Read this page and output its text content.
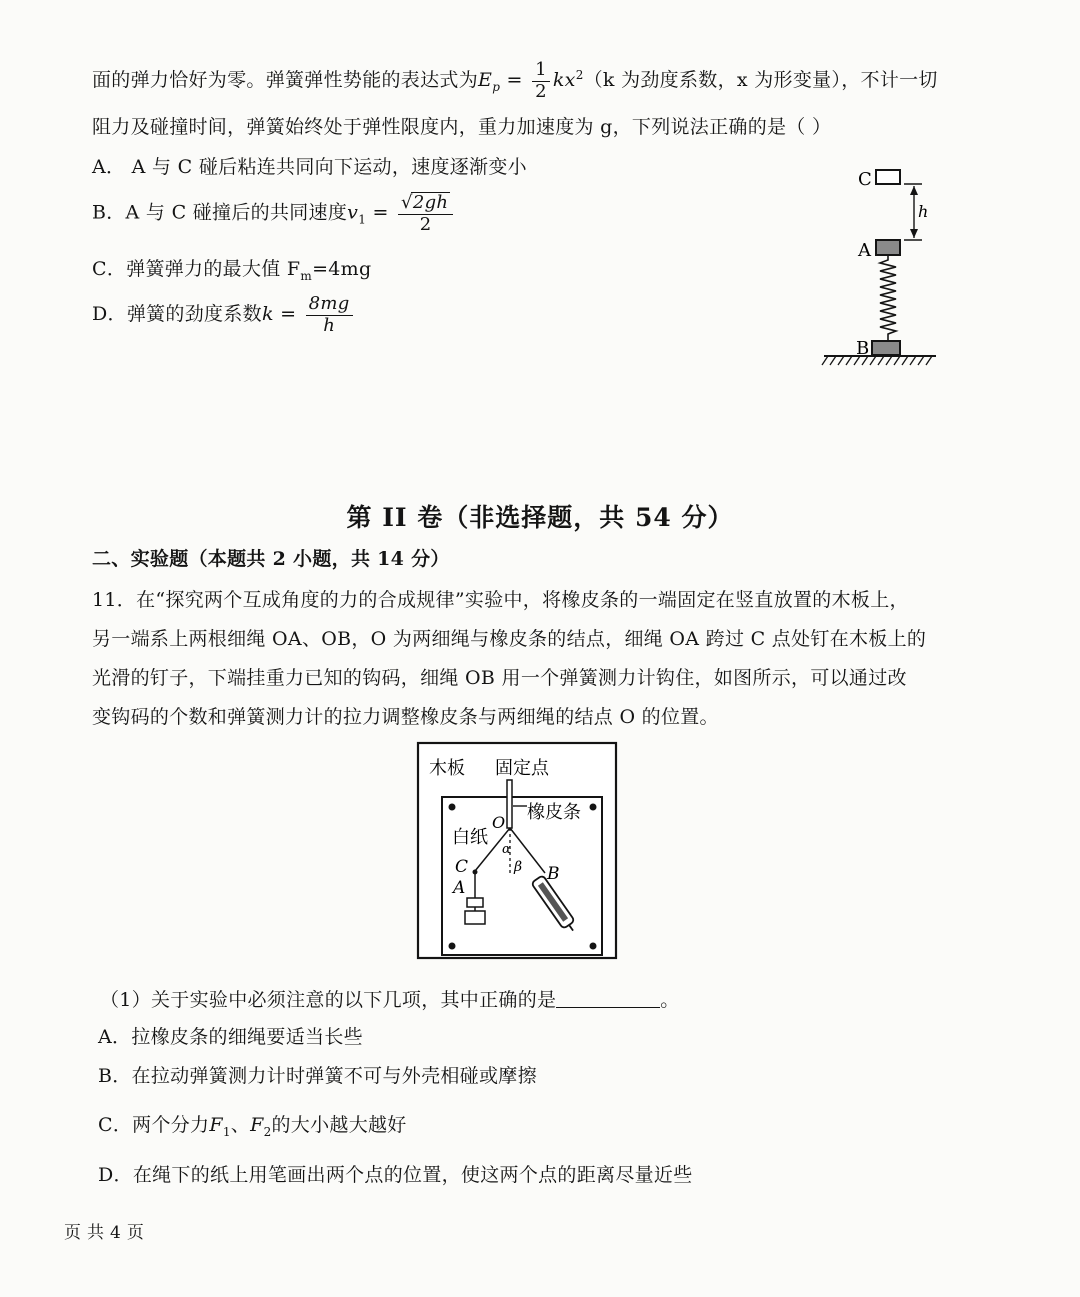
面的弹力恰好为零。弹簧弹性势能的表达式为$E_p = \frac{1}{2} kx^2(k$ 为劲度系数，x 为形变量），不计一切
阻力及碰撞时间，弹簧始终处于弹性限度内，重力加速度为 g，下列说法正确的是（ ）
A． A 与 C 碰后粘连共同向下运动，速度逐渐变小
B．A 与 C 碰撞后的共同速度$v_1 = \frac{√2gh}{2}$
C．弹簧弹力的最大值 $F_m=4mg$
D．弹簧的劲度系数$k = \frac{8mg}{h}$
C
h
A
B
第 II 卷（非选择题，共 54 分）
二、实验题（本题共 2 小题，共 14 分）
11．在“探究两个互成角度的力的合成规律”实验中，将橡皮条的一端固定在竖直放置的木板上，
另一端系上两根细绳 OA、OB，O 为两细绳与橡皮条的结点，细绳 OA 跨过 C 点处钉在木板上的
光滑的钉子，下端挂重力已知的钩码，细绳 OB 用一个弹簧测力计钩住，如图所示，可以通过改
变钩码的个数和弹簧测力计的拉力调整橡皮条与两细绳的结点 O 的位置。
木板 固定点
橡皮条
白纸
O
α
β
C
A
B
（1）关于实验中必须注意的以下几项，其中正确的是	。
A．拉橡皮条的细绳要适当长些
B．在拉动弹簧测力计时弹簧不可与外壳相碰或摩擦
C．两个分力$F_1$、$F_2$的大小越大越好
D．在绳下的纸上用笔画出两个点的位置，使这两个点的距离尽量近些
页 共 4 页
